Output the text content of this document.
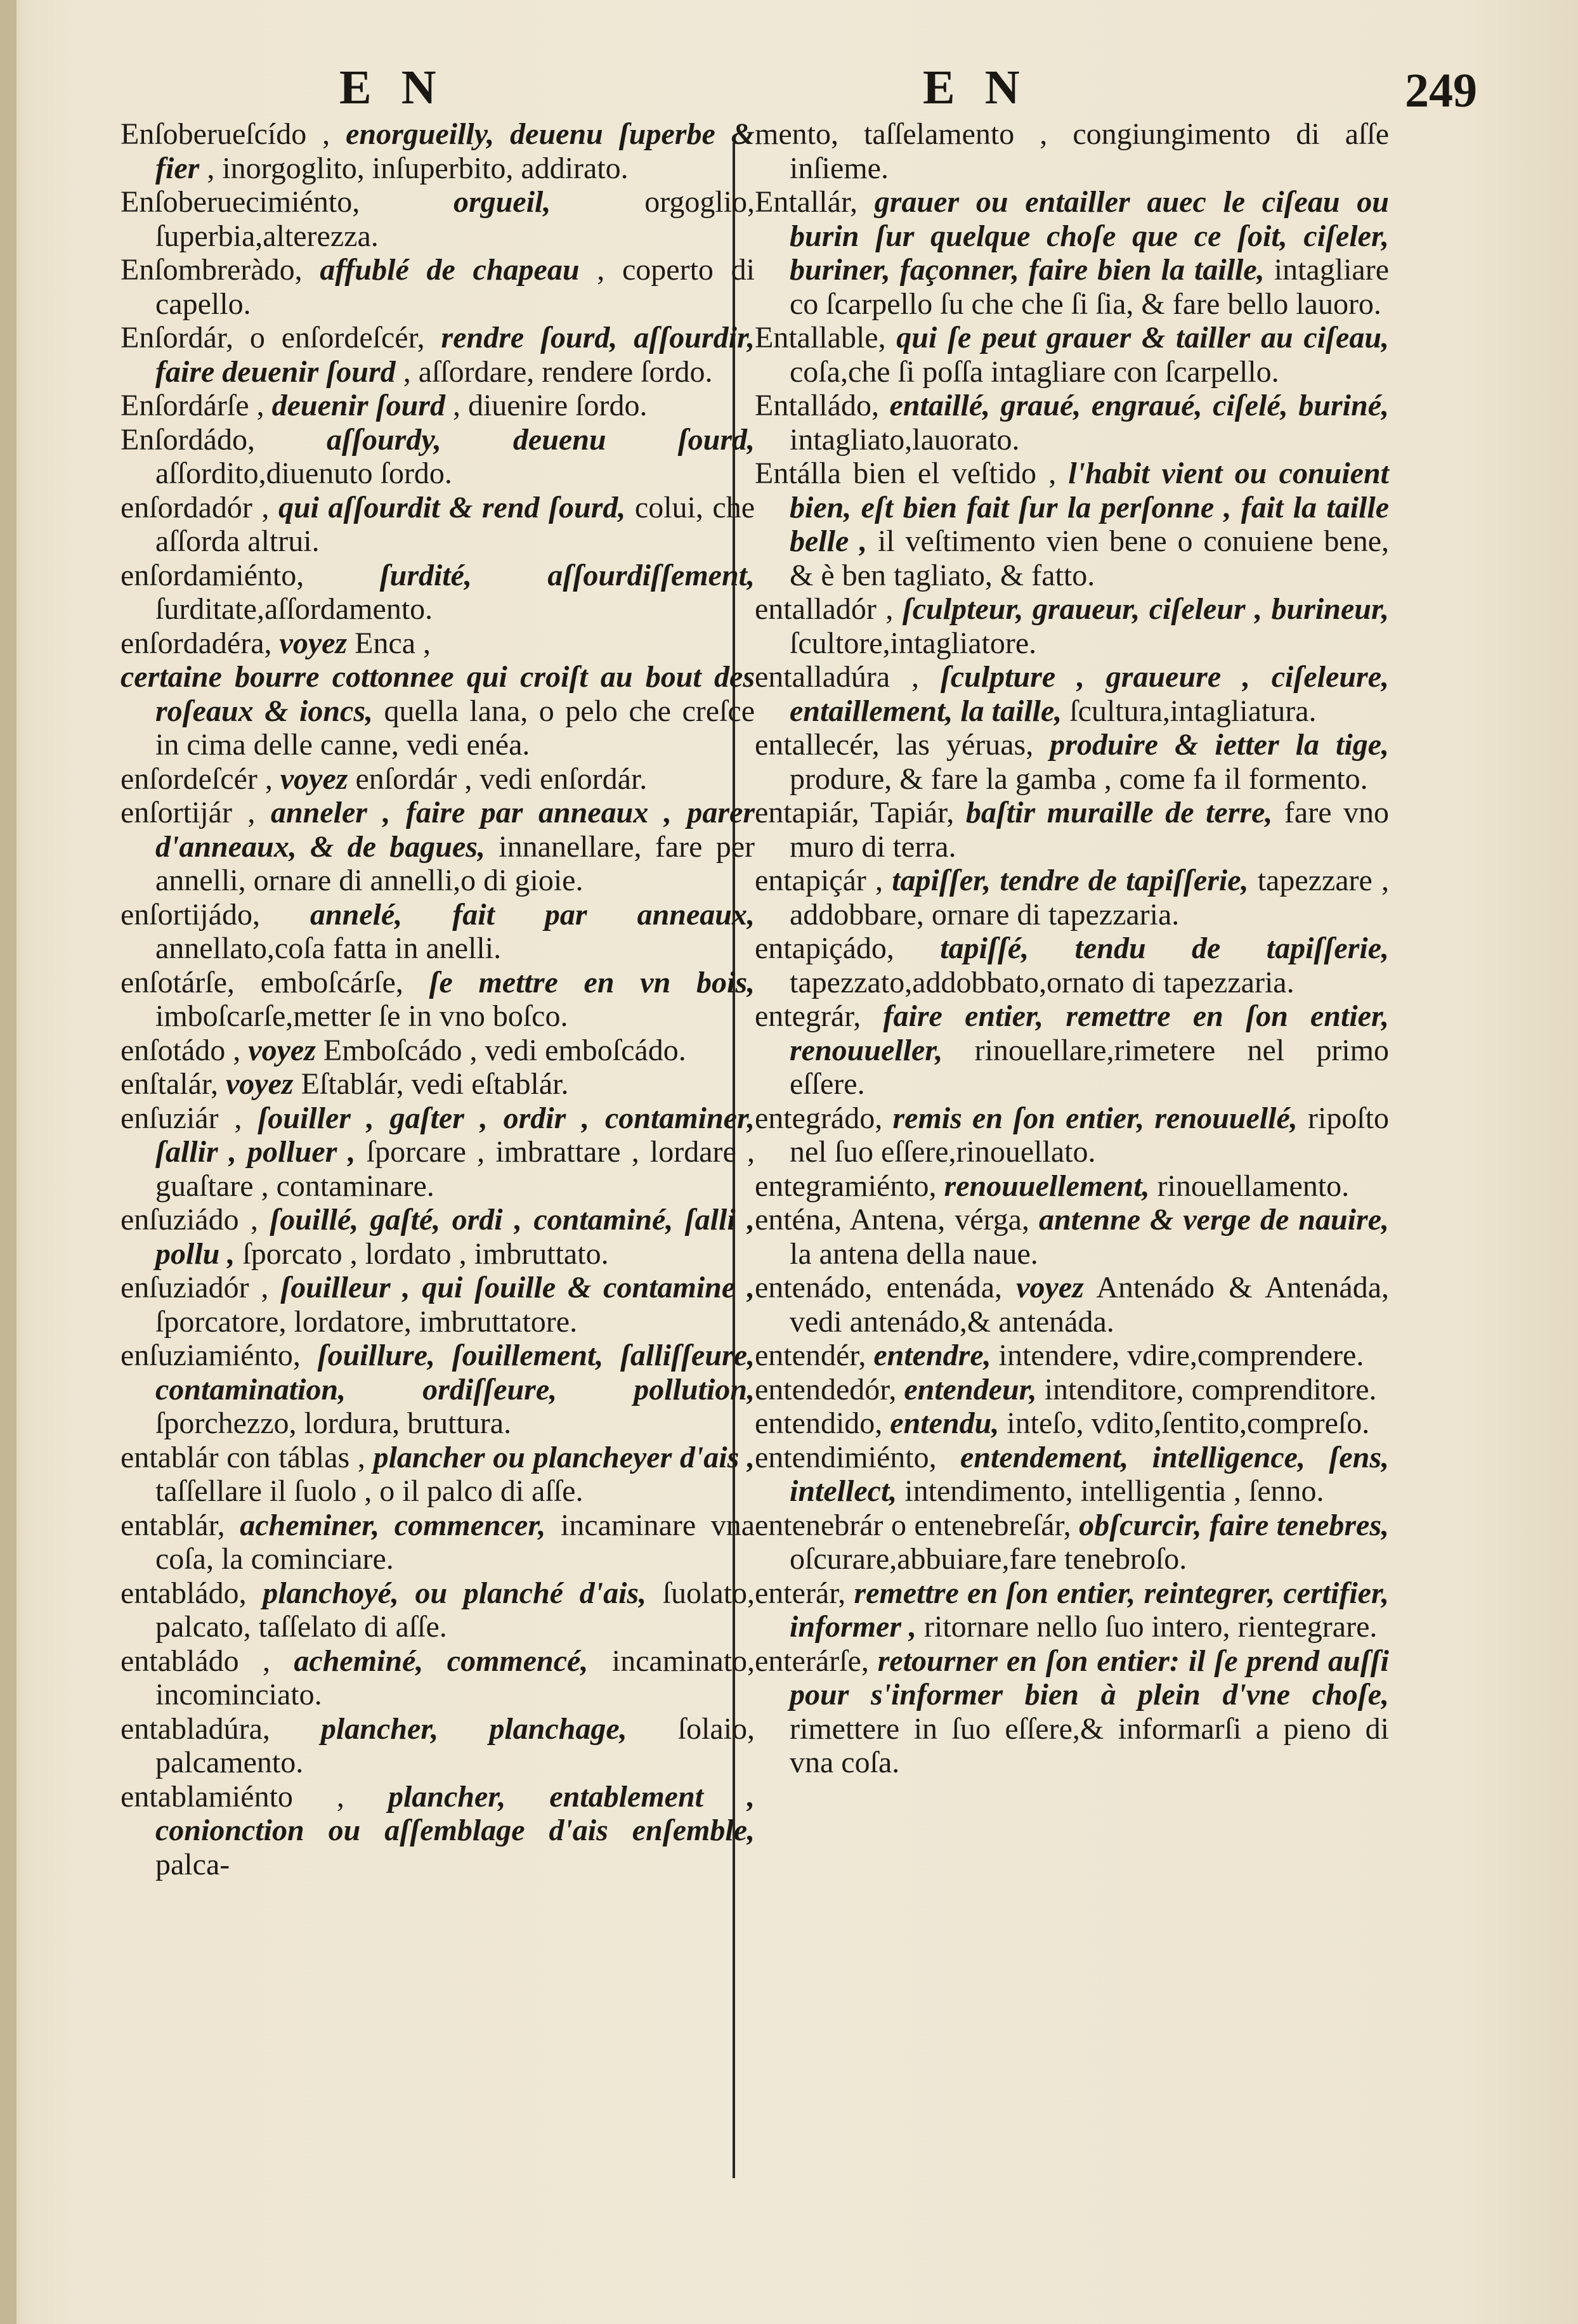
E N	E N	249

Enſoberueſcído , enorgueilly, deuenu ſuperbe & fier , inorgoglito, inſuperbito, addirato.

Enſoberuecimiénto,	orgueil,	orgoglio, ſuperbia,alterezza.

Enſombreràdo, affublé de chapeau , coperto di capello.

Enſordár, o enſordeſcér, rendre ſourd, aſſourdir, faire deuenir ſourd , aſſordare, rendere ſordo.

Enſordárſe , deuenir ſourd , diuenire ſordo.

Enſordádo, aſſourdy, deuenu ſourd, aſſordito,diuenuto ſordo.

enſordadór , qui aſſourdit & rend ſourd, colui, che aſſorda altrui.

enſordamiénto, ſurdité, aſſourdiſſement, ſurditate,aſſordamento.

enſordadéra, voyez Enca ,

certaine bourre cottonnee qui croiſt au bout des roſeaux & ioncs, quella lana, o pelo che creſce in cima delle canne, vedi enéa.

enſordeſcér , voyez enſordár , vedi enſordár.

enſortijár , anneler , faire par anneaux , parer d'anneaux, & de bagues, innanellare, fare per annelli, ornare di annelli,o di gioie.

enſortijádo, annelé, fait par anneaux, annellato,coſa fatta in anelli.

enſotárſe, emboſcárſe, ſe mettre en vn bois, imboſcarſe,metter ſe in vno boſco.

enſotádo , voyez Emboſcádo , vedi emboſcádo.

enſtalár, voyez Eſtablár, vedi eſtablár.

enſuziár , ſouiller , gaſter , ordir , contaminer, ſallir , polluer , ſporcare , imbrattare , lordare , guaſtare , contaminare.

enſuziádo , ſouillé, gaſté, ordi , contaminé, ſalli , pollu , ſporcato , lordato , imbruttato.

enſuziadór , ſouilleur , qui ſouille & contamine , ſporcatore, lordatore, imbruttatore.

enſuziamiénto, ſouillure, ſouillement, ſalliſſeure, contamination, ordiſſeure, pollution, ſporchezzo, lordura, bruttura.

entablár con táblas , plancher ou plancheyer d'ais , taſſellare il ſuolo , o il palco di aſſe.

entablár, acheminer, commencer, incaminare vna coſa, la cominciare.

entabládo, planchoyé, ou planché d'ais, ſuolato, palcato, taſſelato di aſſe.

entabládo , acheminé, commencé, incaminato, incominciato.

entabladúra, plancher, planchage, ſolaio, palcamento.

entablamiénto , plancher, entablement , conionction ou aſſemblage d'ais enſemble, palca-

mento, taſſelamento , congiungimento di aſſe inſieme.

Entallár, grauer ou entailler auec le ciſeau ou burin ſur quelque choſe que ce ſoit, ciſeler, buriner, façonner, faire bien la taille, intagliare co ſcarpello ſu che che ſi ſia, & fare bello lauoro.

Entallable, qui ſe peut grauer & tailler au ciſeau, coſa,che ſi poſſa intagliare con ſcarpello.

Entalládo, entaillé, graué, engraué, ciſelé, buriné, intagliato,lauorato.

Entálla bien el veſtido , l'habit vient ou conuient bien, eſt bien fait ſur la perſonne , fait la taille belle , il veſtimento vien bene o conuiene bene, & è ben tagliato, & fatto.

entalladór , ſculpteur, graueur, ciſeleur , burineur, ſcultore,intagliatore.

entalladúra , ſculpture , graueure , ciſeleure, entaillement, la taille, ſcultura,intagliatura.

entallecér, las yéruas, produire & ietter la tige, produre, & fare la gamba , come fa il formento.

entapiár, Tapiár, baſtir muraille de terre, fare vno muro di terra.

entapiçár , tapiſſer, tendre de tapiſſerie, tapezzare , addobbare, ornare di tapezzaria.

entapiçádo, tapiſſé, tendu de tapiſſerie, tapezzato,addobbato,ornato di tapezzaria.

entegrár, faire entier, remettre en ſon entier, renouueller, rinouellare,rimetere nel primo eſſere.

entegrádo, remis en ſon entier, renouuellé, ripoſto nel ſuo eſſere,rinouellato.

entegramiénto, renouuellement, rinouellamento.

enténa, Antena, vérga, antenne & verge de nauire, la antena della naue.

entenádo, entenáda, voyez Antenádo & Antenáda, vedi antenádo,& antenáda.

entendér, entendre, intendere, vdire,comprendere.

entendedór, entendeur, intenditore, comprenditore.

entendido, entendu, inteſo, vdito,ſentito,compreſo.

entendimiénto, entendement, intelligence, ſens, intellect, intendimento, intelligentia , ſenno.

entenebrár o entenebreſár, obſcurcir, faire tenebres, oſcurare,abbuiare,fare tenebroſo.

enterár, remettre en ſon entier, reintegrer, certifier, informer , ritornare nello ſuo intero, rientegrare.

enterárſe, retourner en ſon entier: il ſe prend auſſi pour s'informer bien à plein d'vne choſe, rimettere in ſuo eſſere,& informarſi a pieno di vna coſa.
